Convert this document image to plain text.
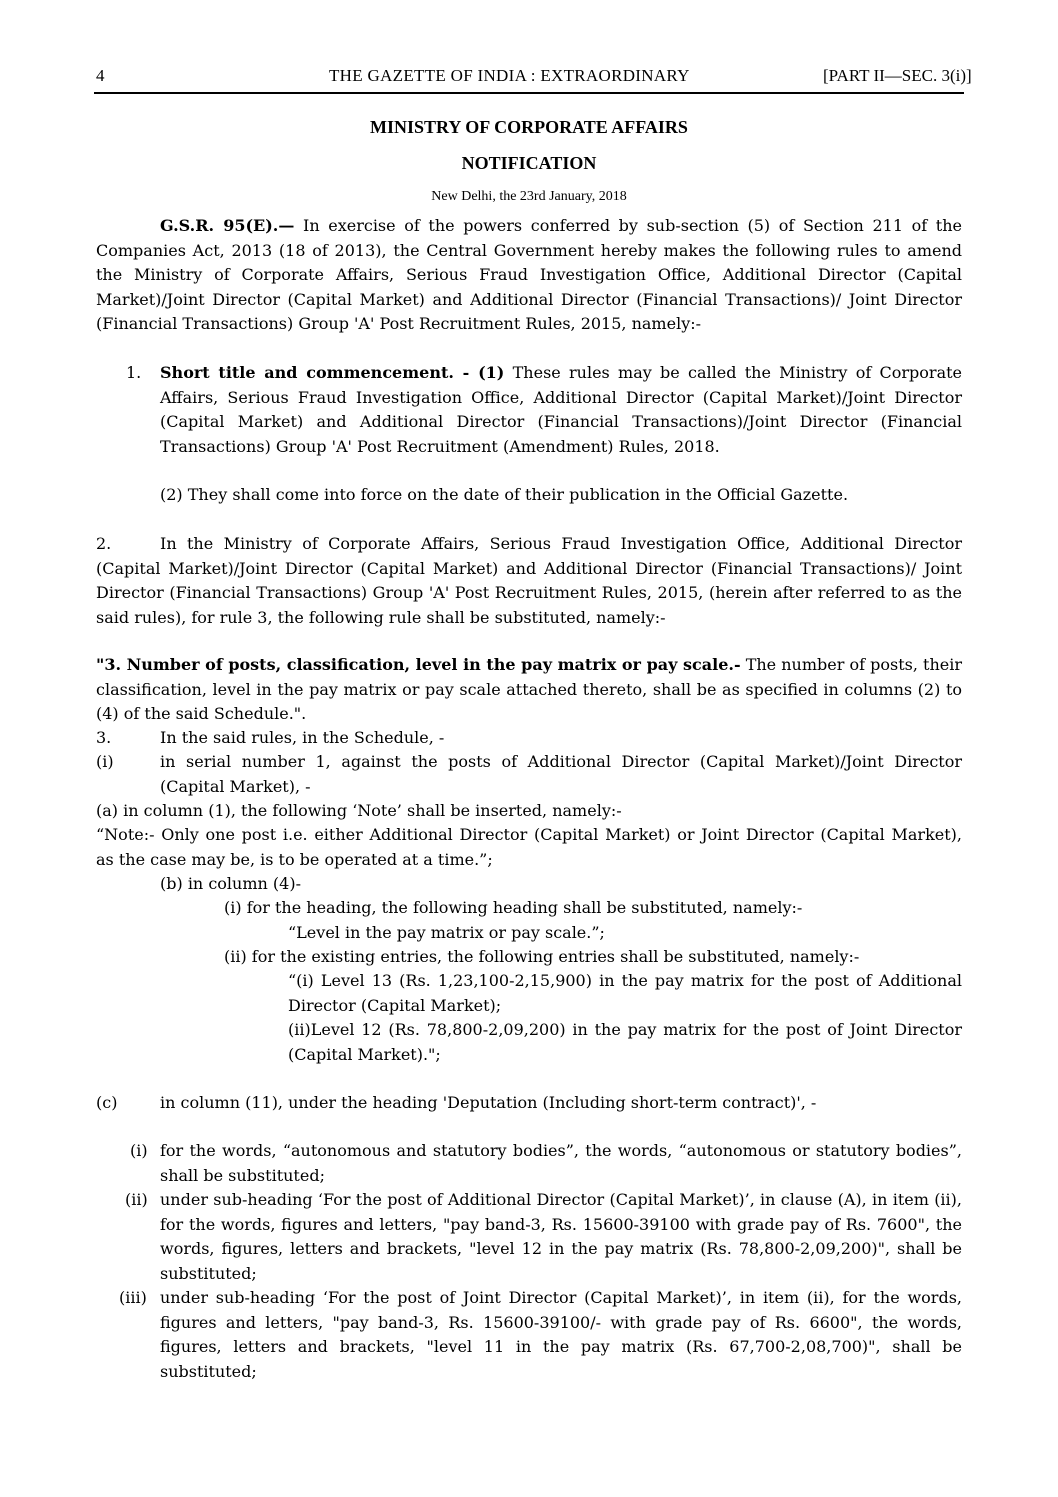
4	THE GAZETTE OF INDIA : EXTRAORDINARY	[PART II—SEC. 3(i)]
MINISTRY OF CORPORATE AFFAIRS
NOTIFICATION
New Delhi, the 23rd January, 2018

G.S.R. 95(E).— In exercise of the powers conferred by sub-section (5) of Section 211 of the Companies Act, 2013 (18 of 2013), the Central Government hereby makes the following rules to amend the Ministry of Corporate Affairs, Serious Fraud Investigation Office, Additional Director (Capital Market)/Joint Director (Capital Market) and Additional Director (Financial Transactions)/ Joint Director (Financial Transactions) Group 'A' Post Recruitment Rules, 2015, namely:-

1. Short title and commencement. - (1) These rules may be called the Ministry of Corporate Affairs, Serious Fraud Investigation Office, Additional Director (Capital Market)/Joint Director (Capital Market) and Additional Director (Financial Transactions)/Joint Director (Financial Transactions) Group 'A' Post Recruitment (Amendment) Rules, 2018.

(2) They shall come into force on the date of their publication in the Official Gazette.

2.	In the Ministry of Corporate Affairs, Serious Fraud Investigation Office, Additional Director (Capital Market)/Joint Director (Capital Market) and Additional Director (Financial Transactions)/ Joint Director (Financial Transactions) Group 'A' Post Recruitment Rules, 2015, (herein after referred to as the said rules), for rule 3, the following rule shall be substituted, namely:-

"3. Number of posts, classification, level in the pay matrix or pay scale.- The number of posts, their classification, level in the pay matrix or pay scale attached thereto, shall be as specified in columns (2) to (4) of the said Schedule.".

3.	In the said rules, in the Schedule, -

(i)	in serial number 1, against the posts of Additional Director (Capital Market)/Joint Director (Capital Market), -

(a) in column (1), the following ‘Note’ shall be inserted, namely:-

“Note:- Only one post i.e. either Additional Director (Capital Market) or Joint Director (Capital Market), as the case may be, is to be operated at a time.”;

(b) in column (4)-

(i) for the heading, the following heading shall be substituted, namely:-

“Level in the pay matrix or pay scale.”;

(ii) for the existing entries, the following entries shall be substituted, namely:-

“(i) Level 13 (Rs. 1,23,100-2,15,900) in the pay matrix for the post of Additional Director (Capital Market);

(ii)Level 12 (Rs. 78,800-2,09,200) in the pay matrix for the post of Joint Director (Capital Market).";

(c)	in column (11), under the heading 'Deputation (Including short-term contract)', -

(i) for the words, “autonomous and statutory bodies”, the words, “autonomous or statutory bodies”, shall be substituted;

(ii) under sub-heading ‘For the post of Additional Director (Capital Market)’, in clause (A), in item (ii), for the words, figures and letters, "pay band-3, Rs. 15600-39100 with grade pay of Rs. 7600", the words, figures, letters and brackets, "level 12 in the pay matrix (Rs. 78,800-2,09,200)", shall be substituted;

(iii) under sub-heading ‘For the post of Joint Director (Capital Market)’, in item (ii), for the words, figures and letters, "pay band-3, Rs. 15600-39100/- with grade pay of Rs. 6600", the words, figures, letters and brackets, "level 11 in the pay matrix (Rs. 67,700-2,08,700)", shall be substituted;
